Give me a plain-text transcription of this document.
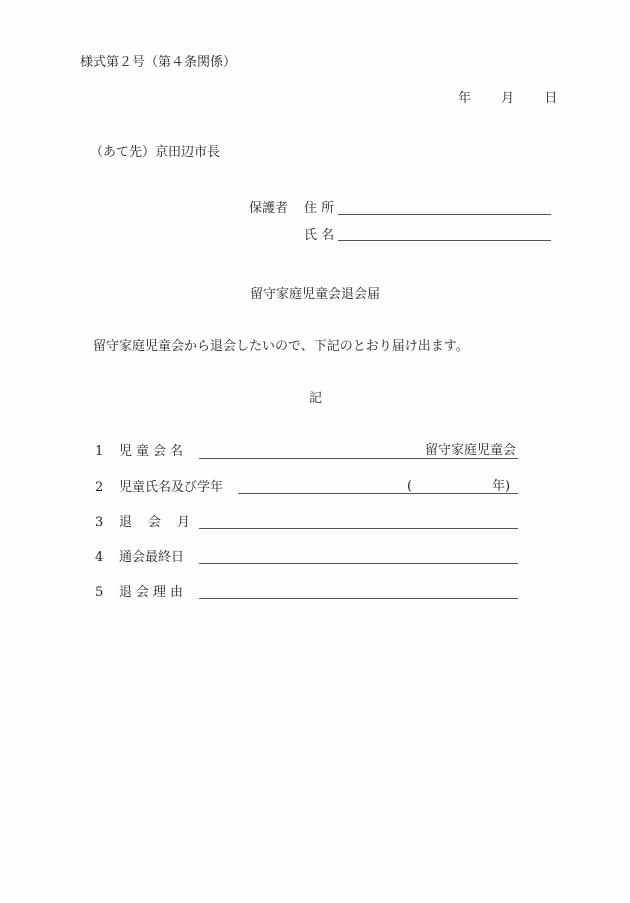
様式第２号（第４条関係）
年 月 日
（あて先）京田辺市長
保護者 住 所
氏 名
留守家庭児童会退会届
留守家庭児童会から退会したいので、下記のとおり届け出ます。
記
1 児童会名	留守家庭児童会
2 児童氏名及び学年	(	年)
3 退会月
4 通会最終日
5 退会理由
